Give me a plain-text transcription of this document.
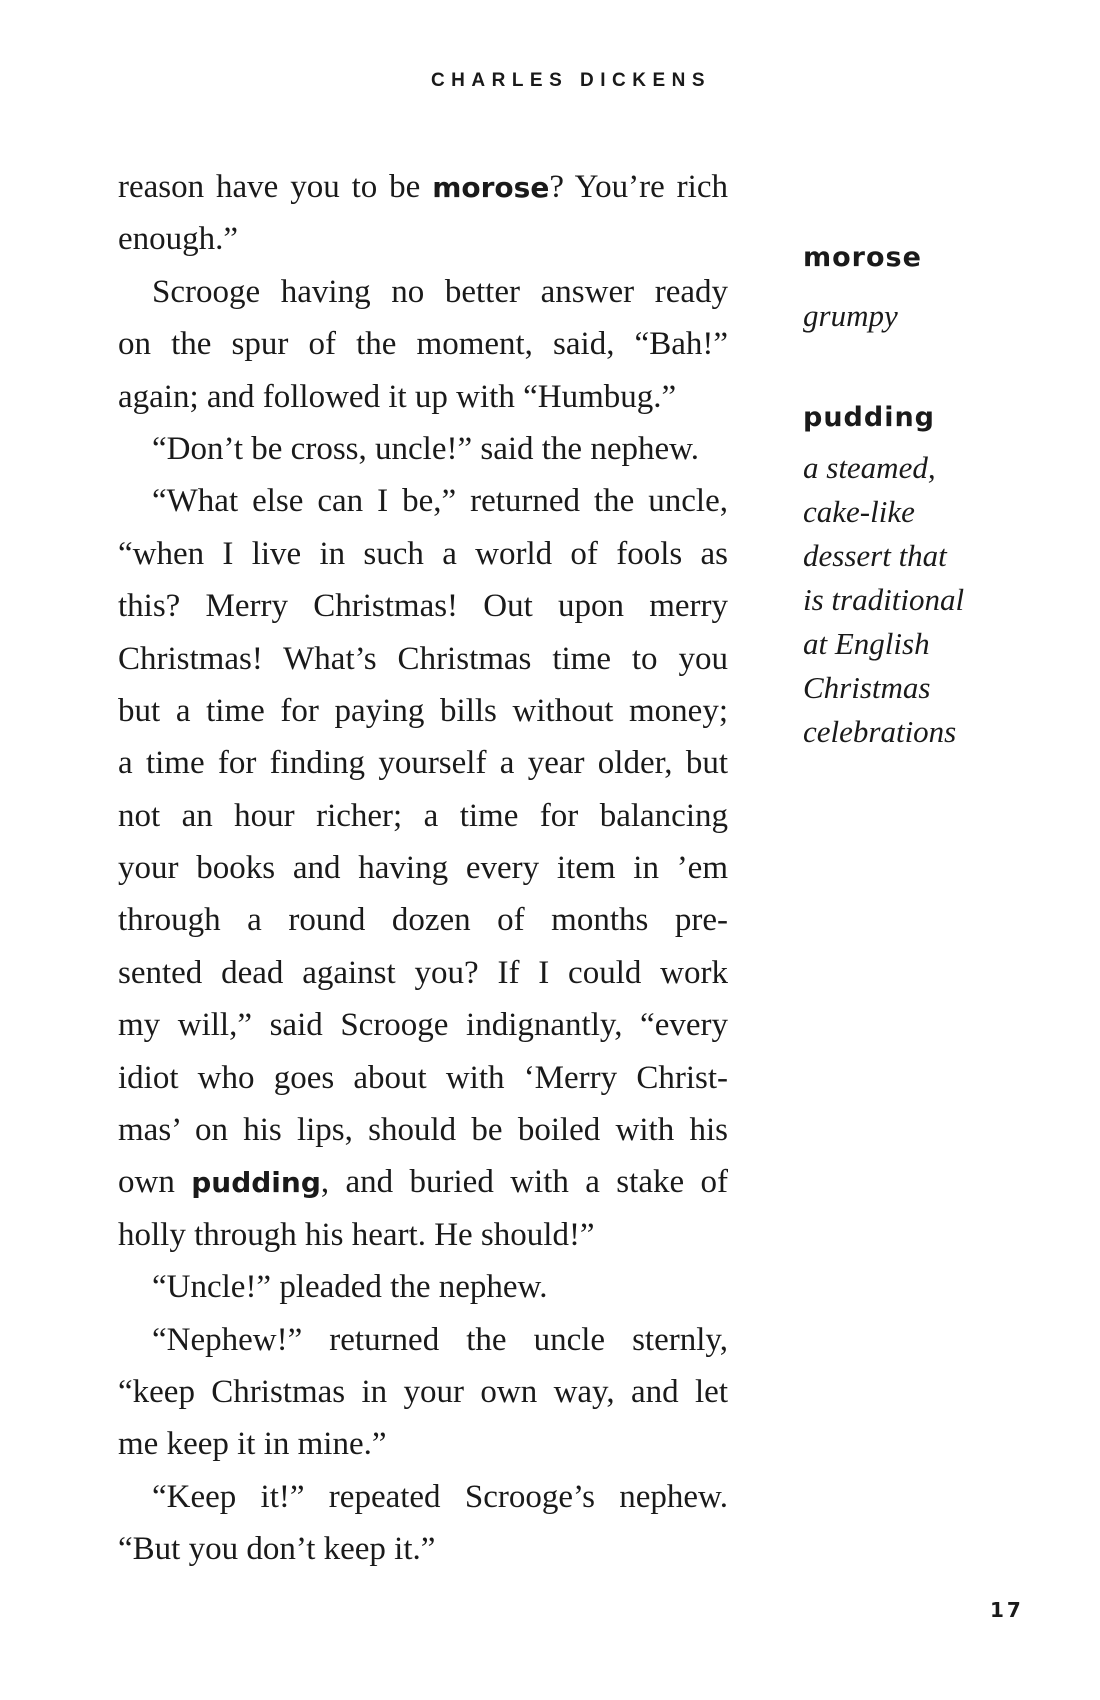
CHARLES DICKENS
reason have you to be morose? You’re rich
enough.”
Scrooge having no better answer ready
on the spur of the moment, said, “Bah!”
again; and followed it up with “Humbug.”
“Don’t be cross, uncle!” said the nephew.
“What else can I be,” returned the uncle,
“when I live in such a world of fools as
this? Merry Christmas! Out upon merry
Christmas! What’s Christmas time to you
but a time for paying bills without money;
a time for finding yourself a year older, but
not an hour richer; a time for balancing
your books and having every item in ’em
through a round dozen of months pre-
sented dead against you? If I could work
my will,” said Scrooge indignantly, “every
idiot who goes about with ‘Merry Christ-
mas’ on his lips, should be boiled with his
own pudding, and buried with a stake of
holly through his heart. He should!”
“Uncle!” pleaded the nephew.
“Nephew!” returned the uncle sternly,
“keep Christmas in your own way, and let
me keep it in mine.”
“Keep it!” repeated Scrooge’s nephew.
“But you don’t keep it.”
morose
grumpy
pudding
a steamed,
cake-like
dessert that
is traditional
at English
Christmas
celebrations
17
